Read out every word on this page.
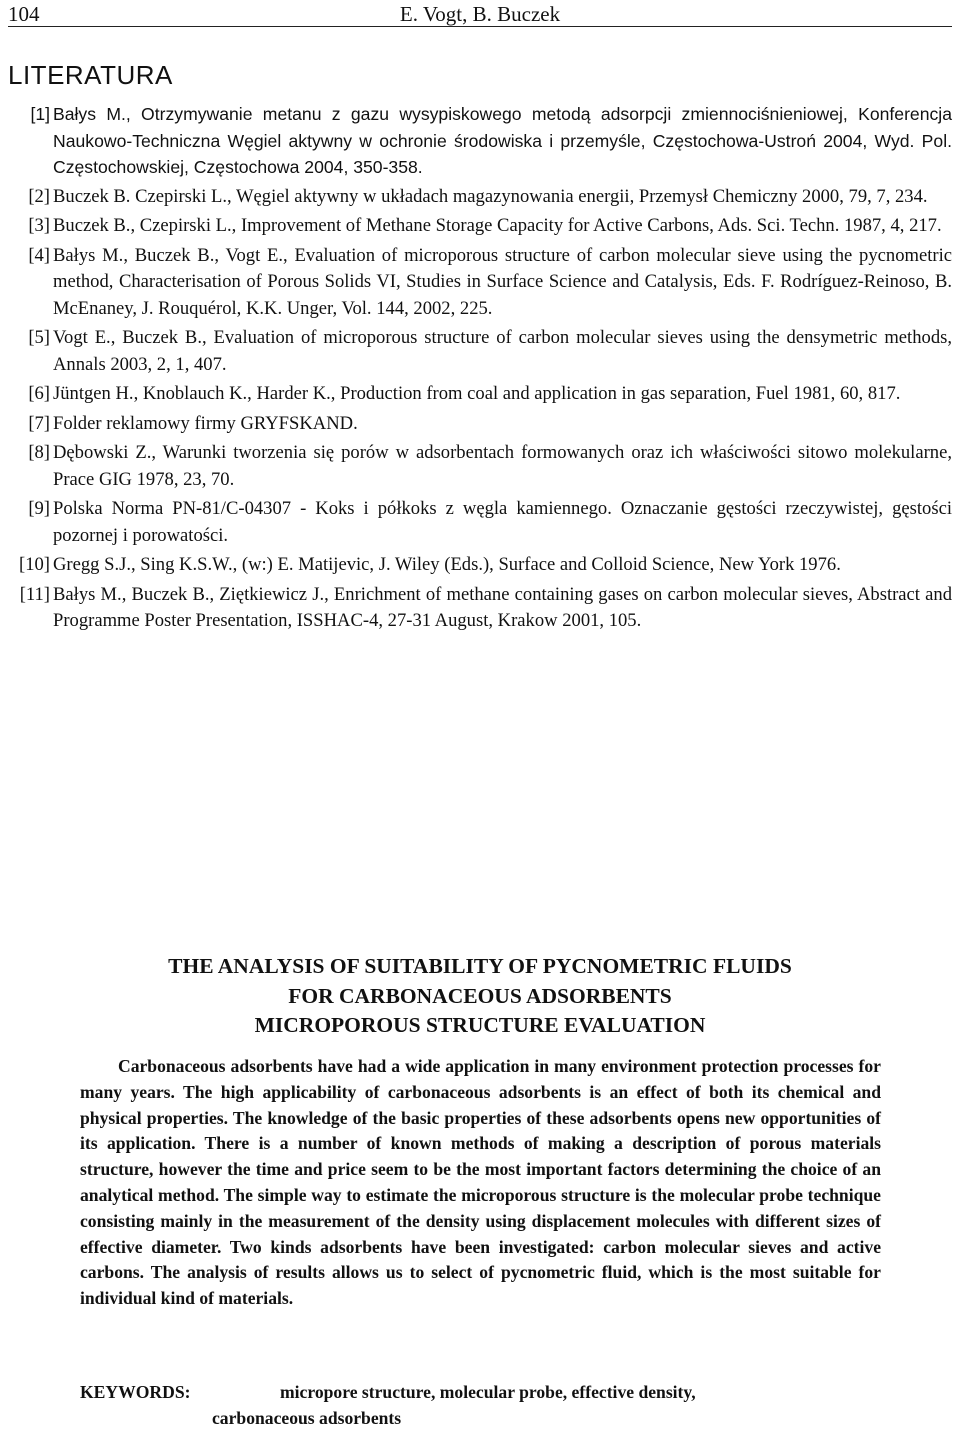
104	E. Vogt, B. Buczek
LITERATURA
[1] Bałys M., Otrzymywanie metanu z gazu wysypiskowego metodą adsorpcji zmiennociśnieniowej, Konferencja Naukowo-Techniczna Węgiel aktywny w ochronie środowiska i przemyśle, Częstochowa-Ustroń 2004, Wyd. Pol. Częstochowskiej, Częstochowa 2004, 350-358.
[2] Buczek B. Czepirski L., Węgiel aktywny w układach magazynowania energii, Przemysł Chemiczny 2000, 79, 7, 234.
[3] Buczek B., Czepirski L., Improvement of Methane Storage Capacity for Active Carbons, Ads. Sci. Techn. 1987, 4, 217.
[4] Bałys M., Buczek B., Vogt E., Evaluation of microporous structure of carbon molecular sieve using the pycnometric method, Characterisation of Porous Solids VI, Studies in Surface Science and Catalysis, Eds. F. Rodríguez-Reinoso, B. McEnaney, J. Rouquérol, K.K. Unger, Vol. 144, 2002, 225.
[5] Vogt E., Buczek B., Evaluation of microporous structure of carbon molecular sieves using the densymetric methods, Annals 2003, 2, 1, 407.
[6] Jüntgen H., Knoblauch K., Harder K., Production from coal and application in gas separation, Fuel 1981, 60, 817.
[7] Folder reklamowy firmy GRYFSKAND.
[8] Dębowski Z., Warunki tworzenia się porów w adsorbentach formowanych oraz ich właściwości sitowo molekularne, Prace GIG 1978, 23, 70.
[9] Polska Norma PN-81/C-04307 - Koks i półkoks z węgla kamiennego. Oznaczanie gęstości rzeczywistej, gęstości pozornej i porowatości.
[10] Gregg S.J., Sing K.S.W., (w:) E. Matijevic, J. Wiley (Eds.), Surface and Colloid Science, New York 1976.
[11] Bałys M., Buczek B., Ziętkiewicz J., Enrichment of methane containing gases on carbon molecular sieves, Abstract and Programme Poster Presentation, ISSHAC-4, 27-31 August, Krakow 2001, 105.
THE ANALYSIS OF SUITABILITY OF PYCNOMETRIC FLUIDS
FOR CARBONACEOUS ADSORBENTS
MICROPOROUS STRUCTURE EVALUATION
Carbonaceous adsorbents have had a wide application in many environment protection processes for many years. The high applicability of carbonaceous adsorbents is an effect of both its chemical and physical properties. The knowledge of the basic properties of these adsorbents opens new opportunities of its application. There is a number of known methods of making a description of porous materials structure, however the time and price seem to be the most important factors determining the choice of an analytical method. The simple way to estimate the microporous structure is the molecular probe technique consisting mainly in the measurement of the density using displacement molecules with different sizes of effective diameter. Two kinds adsorbents have been investigated: carbon molecular sieves and active carbons. The analysis of results allows us to select of pycnometric fluid, which is the most suitable for individual kind of materials.
KEYWORDS:	micropore structure, molecular probe, effective density,
carbonaceous adsorbents
